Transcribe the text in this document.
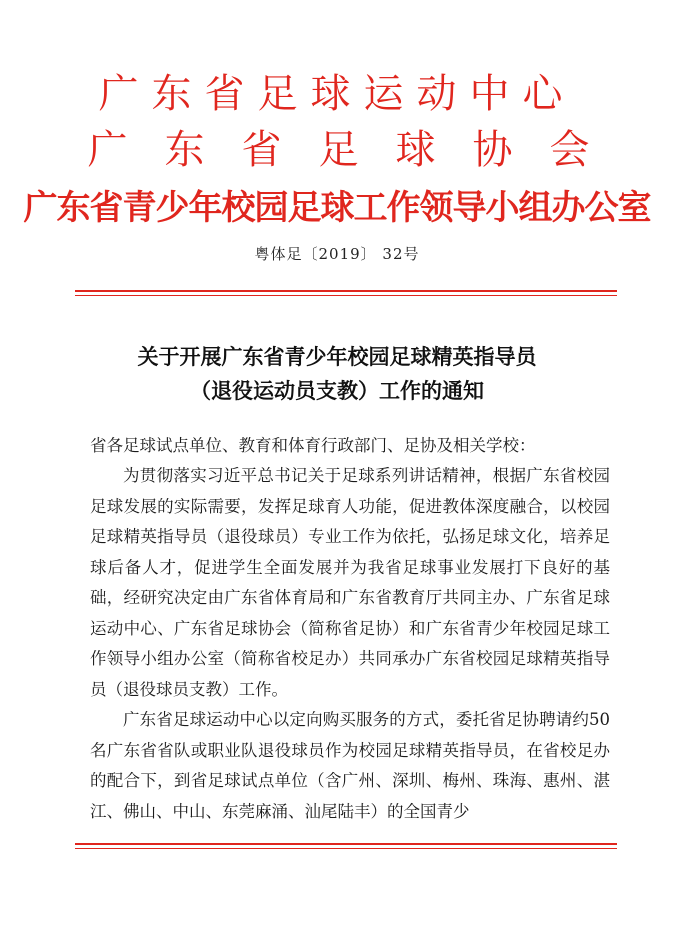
广东省足球运动中心
广东省足球协会
广东省青少年校园足球工作领导小组办公室
粤体足〔2019〕 32号
关于开展广东省青少年校园足球精英指导员
（退役运动员支教）工作的通知
省各足球试点单位、教育和体育行政部门、足协及相关学校：
为贯彻落实习近平总书记关于足球系列讲话精神，根据广东省校园足球发展的实际需要，发挥足球育人功能，促进教体深度融合，以校园足球精英指导员（退役球员）专业工作为依托，弘扬足球文化，培养足球后备人才，促进学生全面发展并为我省足球事业发展打下良好的基础，经研究决定由广东省体育局和广东省教育厅共同主办、广东省足球运动中心、广东省足球协会（简称省足协）和广东省青少年校园足球工作领导小组办公室（简称省校足办）共同承办广东省校园足球精英指导员（退役球员支教）工作。
广东省足球运动中心以定向购买服务的方式，委托省足协聘请约50名广东省省队或职业队退役球员作为校园足球精英指导员，在省校足办的配合下，到省足球试点单位（含广州、深圳、梅州、珠海、惠州、湛江、佛山、中山、东莞麻涌、汕尾陆丰）的全国青少
